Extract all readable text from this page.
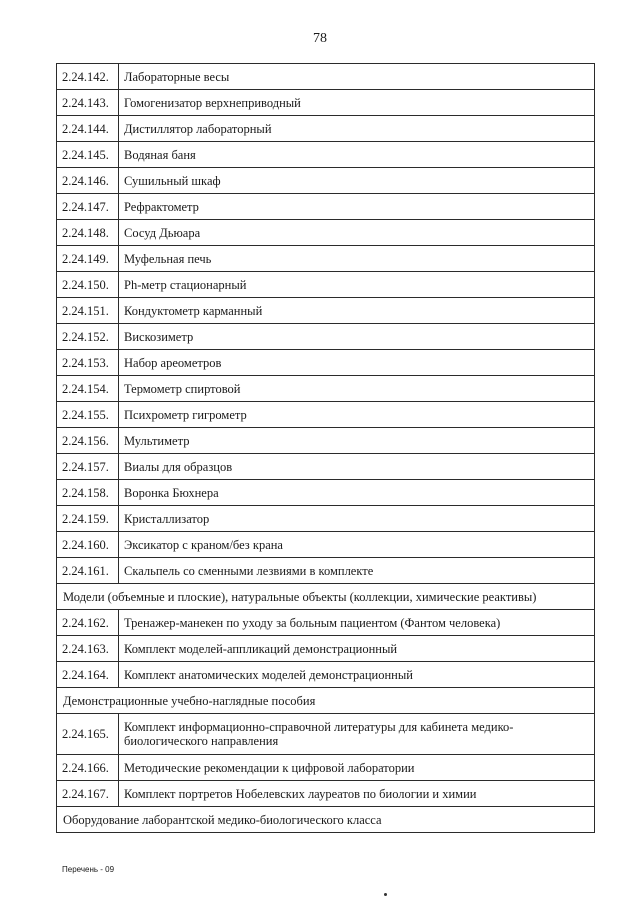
78
2.24.142.	Лабораторные весы
2.24.143.	Гомогенизатор верхнеприводный
2.24.144.	Дистиллятор лабораторный
2.24.145.	Водяная баня
2.24.146.	Сушильный шкаф
2.24.147.	Рефрактометр
2.24.148.	Сосуд Дьюара
2.24.149.	Муфельная печь
2.24.150.	Ph-метр стационарный
2.24.151.	Кондуктометр карманный
2.24.152.	Вискозиметр
2.24.153.	Набор ареометров
2.24.154.	Термометр спиртовой
2.24.155.	Психрометр гигрометр
2.24.156.	Мультиметр
2.24.157.	Виалы для образцов
2.24.158.	Воронка Бюхнера
2.24.159.	Кристаллизатор
2.24.160.	Эксикатор с краном/без крана
2.24.161.	Скальпель со сменными лезвиями в комплекте
Модели (объемные и плоские), натуральные объекты (коллекции, химические реактивы)	
2.24.162.	Тренажер-манекен по уходу за больным пациентом (Фантом человека)
2.24.163.	Комплект моделей-аппликаций демонстрационный
2.24.164.	Комплект анатомических моделей демонстрационный
Демонстрационные учебно-наглядные пособия	
2.24.165.	Комплект информационно-справочной литературы для кабинета медико-биологического направления
2.24.166.	Методические рекомендации к цифровой лаборатории
2.24.167.	Комплект портретов Нобелевских лауреатов по биологии и химии
Оборудование лаборантской медико-биологического класса	
Перечень - 09
